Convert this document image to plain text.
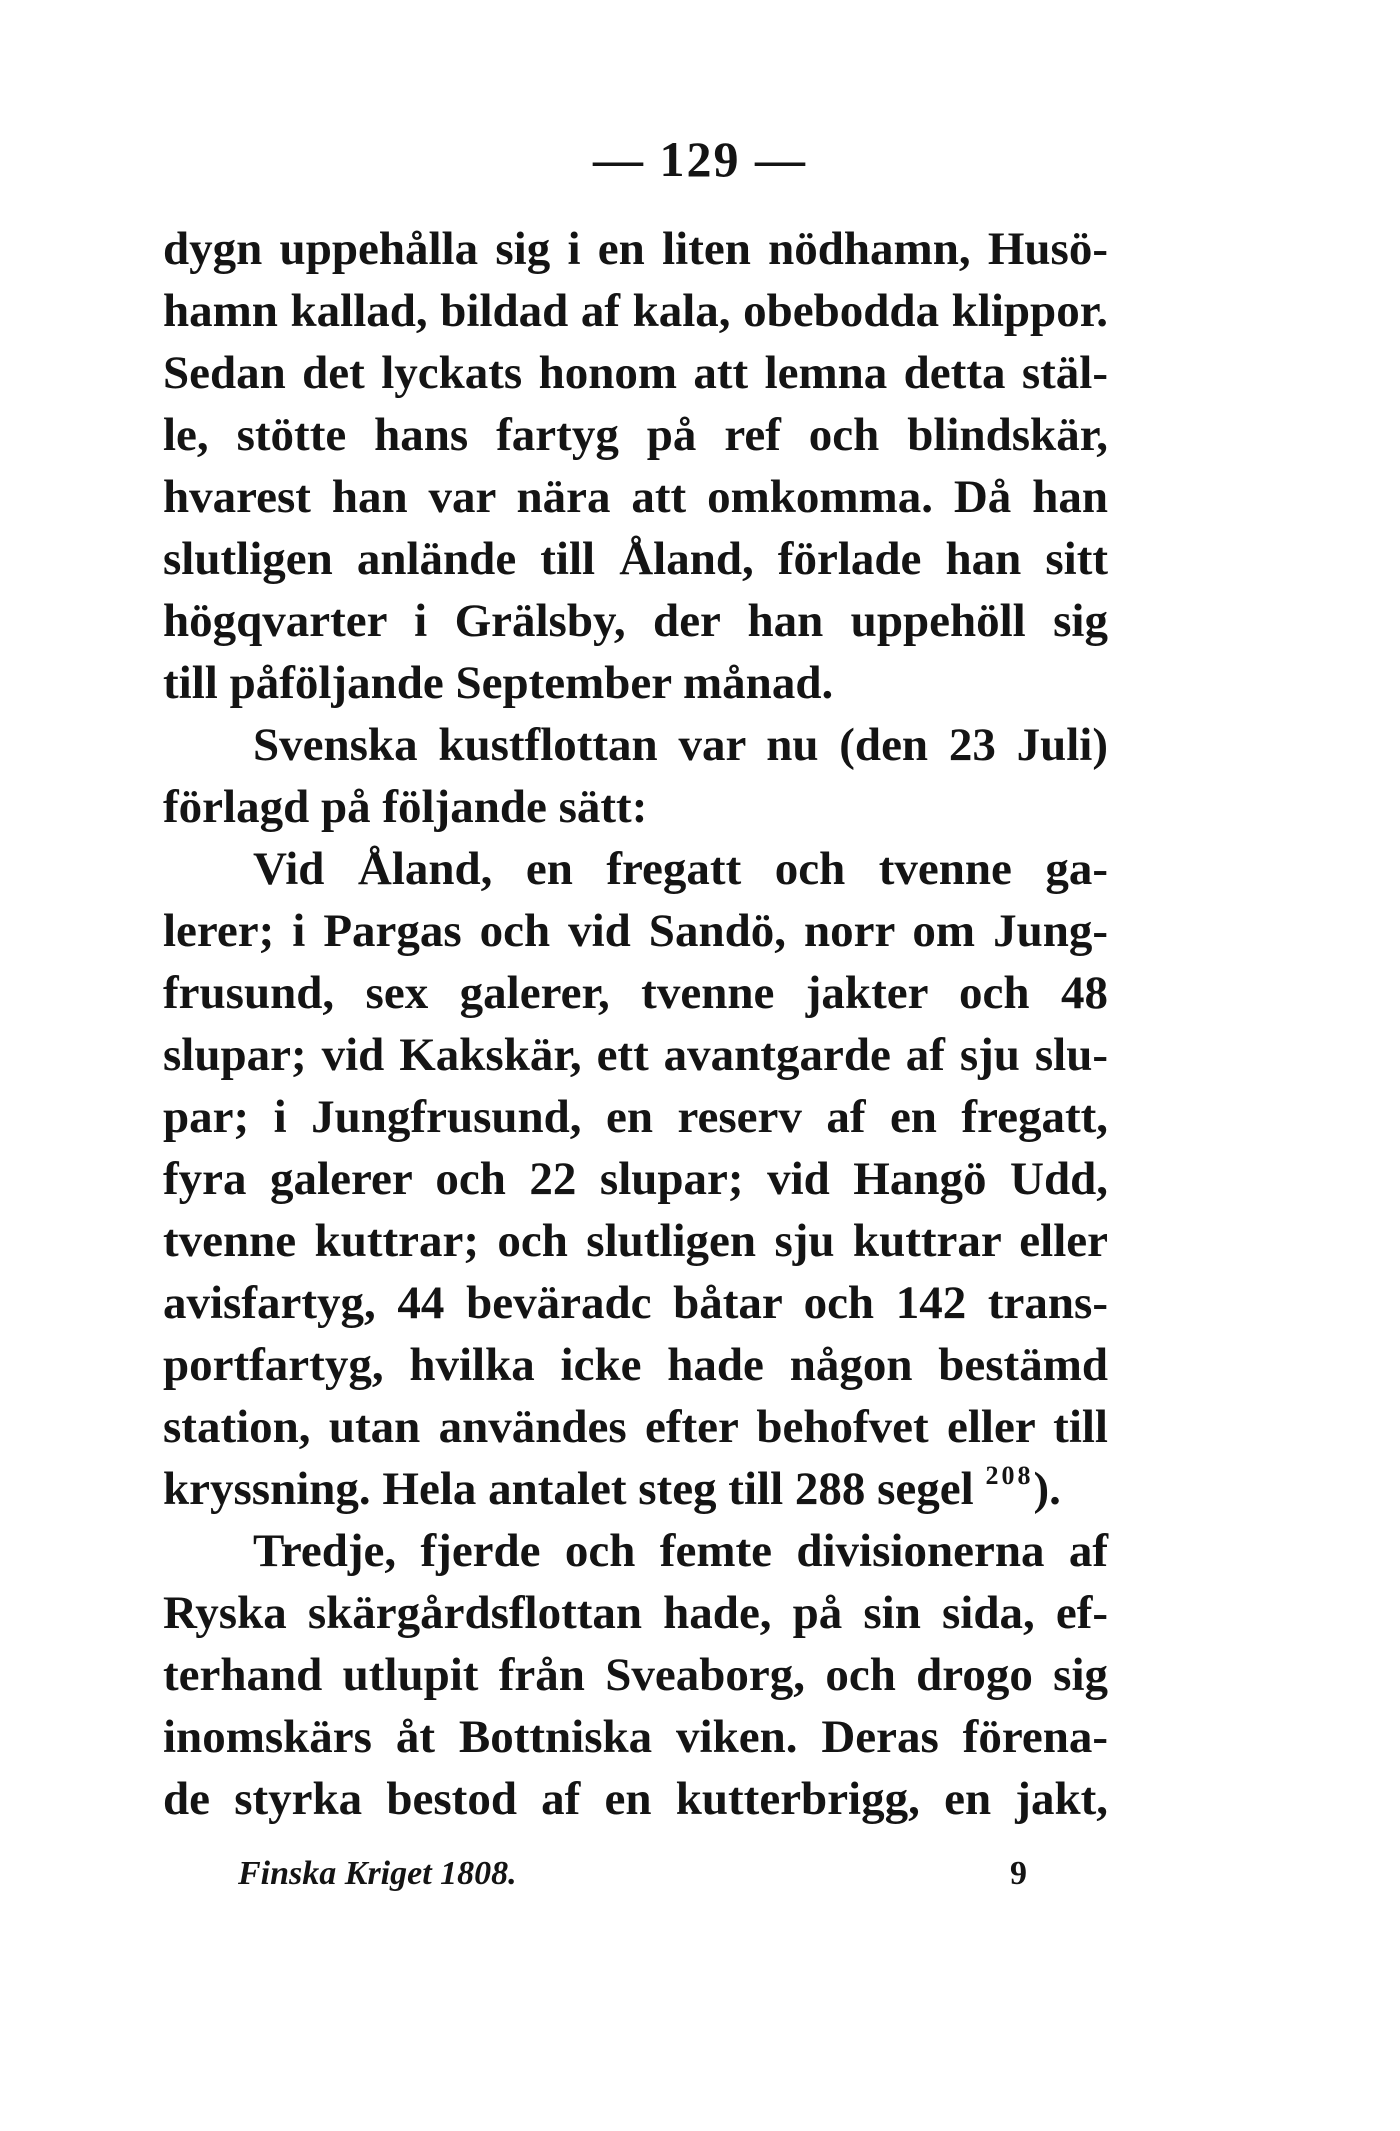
— 129 —
dygn uppehålla sig i en liten nödhamn, Husö-
hamn kallad, bildad af kala, obebodda klippor.
Sedan det lyckats honom att lemna detta stäl-
le, stötte hans fartyg på ref och blindskär,
hvarest han var nära att omkomma. Då han
slutligen anlände till Åland, förlade han sitt
högqvarter i Grälsby, der han uppehöll sig
till påföljande September månad.
Svenska kustflottan var nu (den 23 Juli)
förlagd på följande sätt:
Vid Åland, en fregatt och tvenne ga-
lerer; i Pargas och vid Sandö, norr om Jung-
frusund, sex galerer, tvenne jakter och 48
slupar; vid Kakskär, ett avantgarde af sju slu-
par; i Jungfrusund, en reserv af en fregatt,
fyra galerer och 22 slupar; vid Hangö Udd,
tvenne kuttrar; och slutligen sju kuttrar eller
avisfartyg, 44 beväradc båtar och 142 trans-
portfartyg, hvilka icke hade någon bestämd
station, utan användes efter behofvet eller till
kryssning. Hela antalet steg till 288 segel $^{208}$).
Tredje, fjerde och femte divisionerna af
Ryska skärgårdsflottan hade, på sin sida, ef-
terhand utlupit från Sveaborg, och drogo sig
inomskärs åt Bottniska viken. Deras förena-
de styrka bestod af en kutterbrigg, en jakt,
Finska Kriget 1808.	9
